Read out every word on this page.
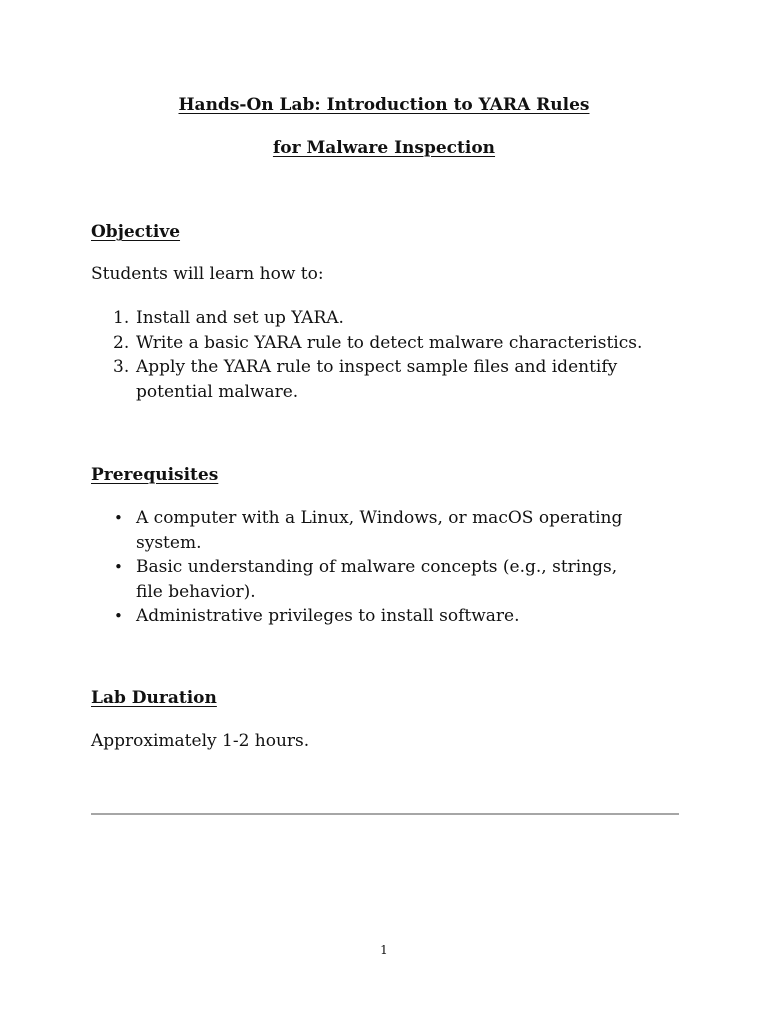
Hands-On Lab: Introduction to YARA Rules
for Malware Inspection
Objective
Students will learn how to:
1. Install and set up YARA.
2. Write a basic YARA rule to detect malware characteristics.
3. Apply the YARA rule to inspect sample files and identify potential malware.
Prerequisites
• A computer with a Linux, Windows, or macOS operating system.
• Basic understanding of malware concepts (e.g., strings, file behavior).
• Administrative privileges to install software.
Lab Duration
Approximately 1-2 hours.
1
